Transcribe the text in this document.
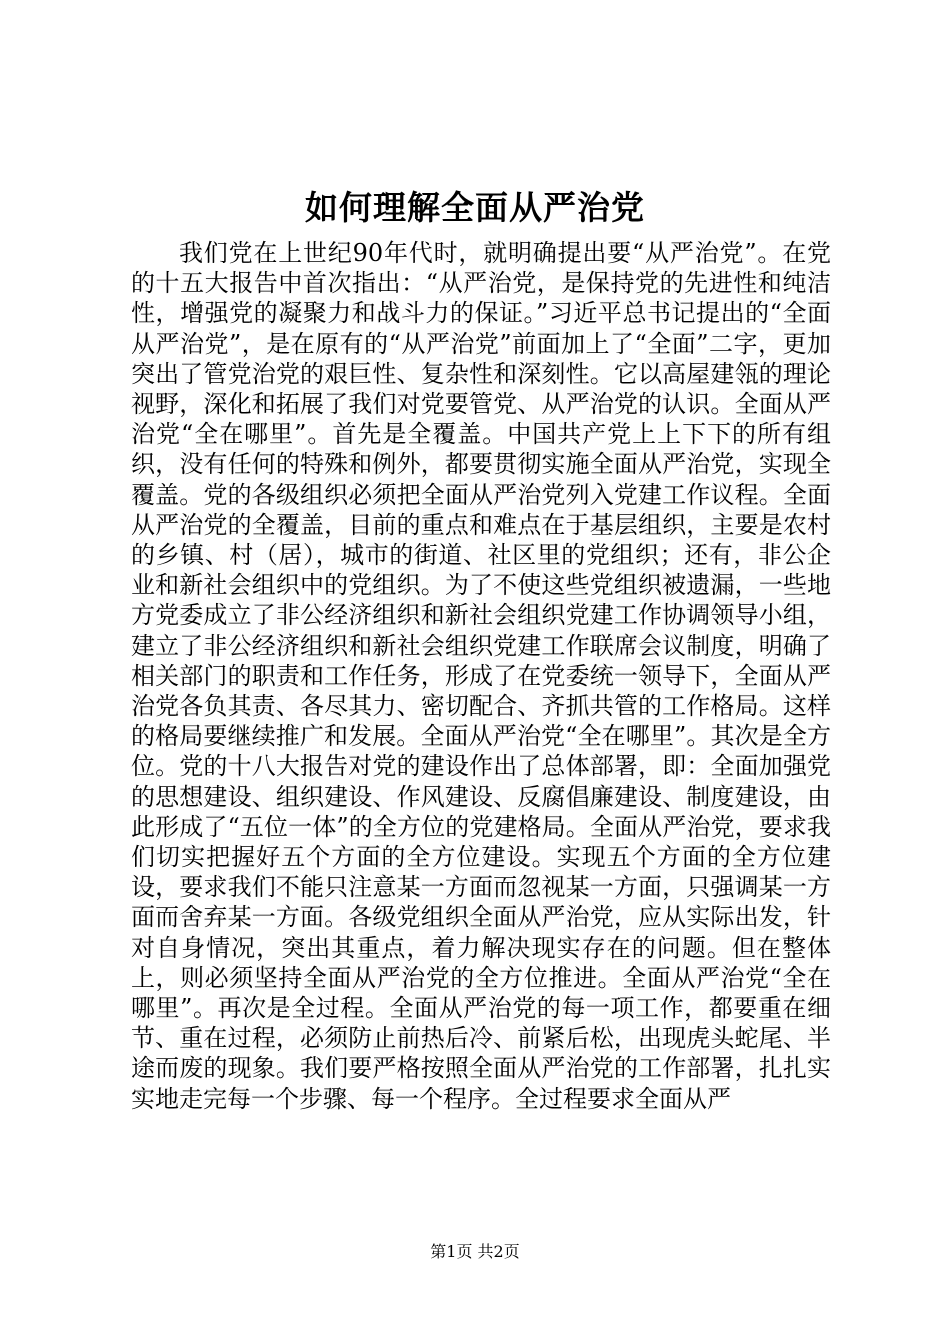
如何理解全面从严治党

我们党在上世纪90年代时，就明确提出要“从严治党”。在党的十五大报告中首次指出：“从严治党，是保持党的先进性和纯洁性，增强党的凝聚力和战斗力的保证。”习近平总书记提出的“全面从严治党”，是在原有的“从严治党”前面加上了“全面”二字，更加突出了管党治党的艰巨性、复杂性和深刻性。它以高屋建瓴的理论视野，深化和拓展了我们对党要管党、从严治党的认识。全面从严治党“全在哪里”。首先是全覆盖。中国共产党上上下下的所有组织，没有任何的特殊和例外，都要贯彻实施全面从严治党，实现全覆盖。党的各级组织必须把全面从严治党列入党建工作议程。全面从严治党的全覆盖，目前的重点和难点在于基层组织，主要是农村的乡镇、村（居），城市的街道、社区里的党组织；还有，非公企业和新社会组织中的党组织。为了不使这些党组织被遗漏，一些地方党委成立了非公经济组织和新社会组织党建工作协调领导小组，建立了非公经济组织和新社会组织党建工作联席会议制度，明确了相关部门的职责和工作任务，形成了在党委统一领导下，全面从严治党各负其责、各尽其力、密切配合、齐抓共管的工作格局。这样的格局要继续推广和发展。全面从严治党“全在哪里”。其次是全方位。党的十八大报告对党的建设作出了总体部署，即：全面加强党的思想建设、组织建设、作风建设、反腐倡廉建设、制度建设，由此形成了“五位一体”的全方位的党建格局。全面从严治党，要求我们切实把握好五个方面的全方位建设。实现五个方面的全方位建设，要求我们不能只注意某一方面而忽视某一方面，只强调某一方面而舍弃某一方面。各级党组织全面从严治党，应从实际出发，针对自身情况，突出其重点，着力解决现实存在的问题。但在整体上，则必须坚持全面从严治党的全方位推进。全面从严治党“全在哪里”。再次是全过程。全面从严治党的每一项工作，都要重在细节、重在过程，必须防止前热后冷、前紧后松，出现虎头蛇尾、半途而废的现象。我们要严格按照全面从严治党的工作部署，扎扎实实地走完每一个步骤、每一个程序。全过程要求全面从严

第1页 共2页
